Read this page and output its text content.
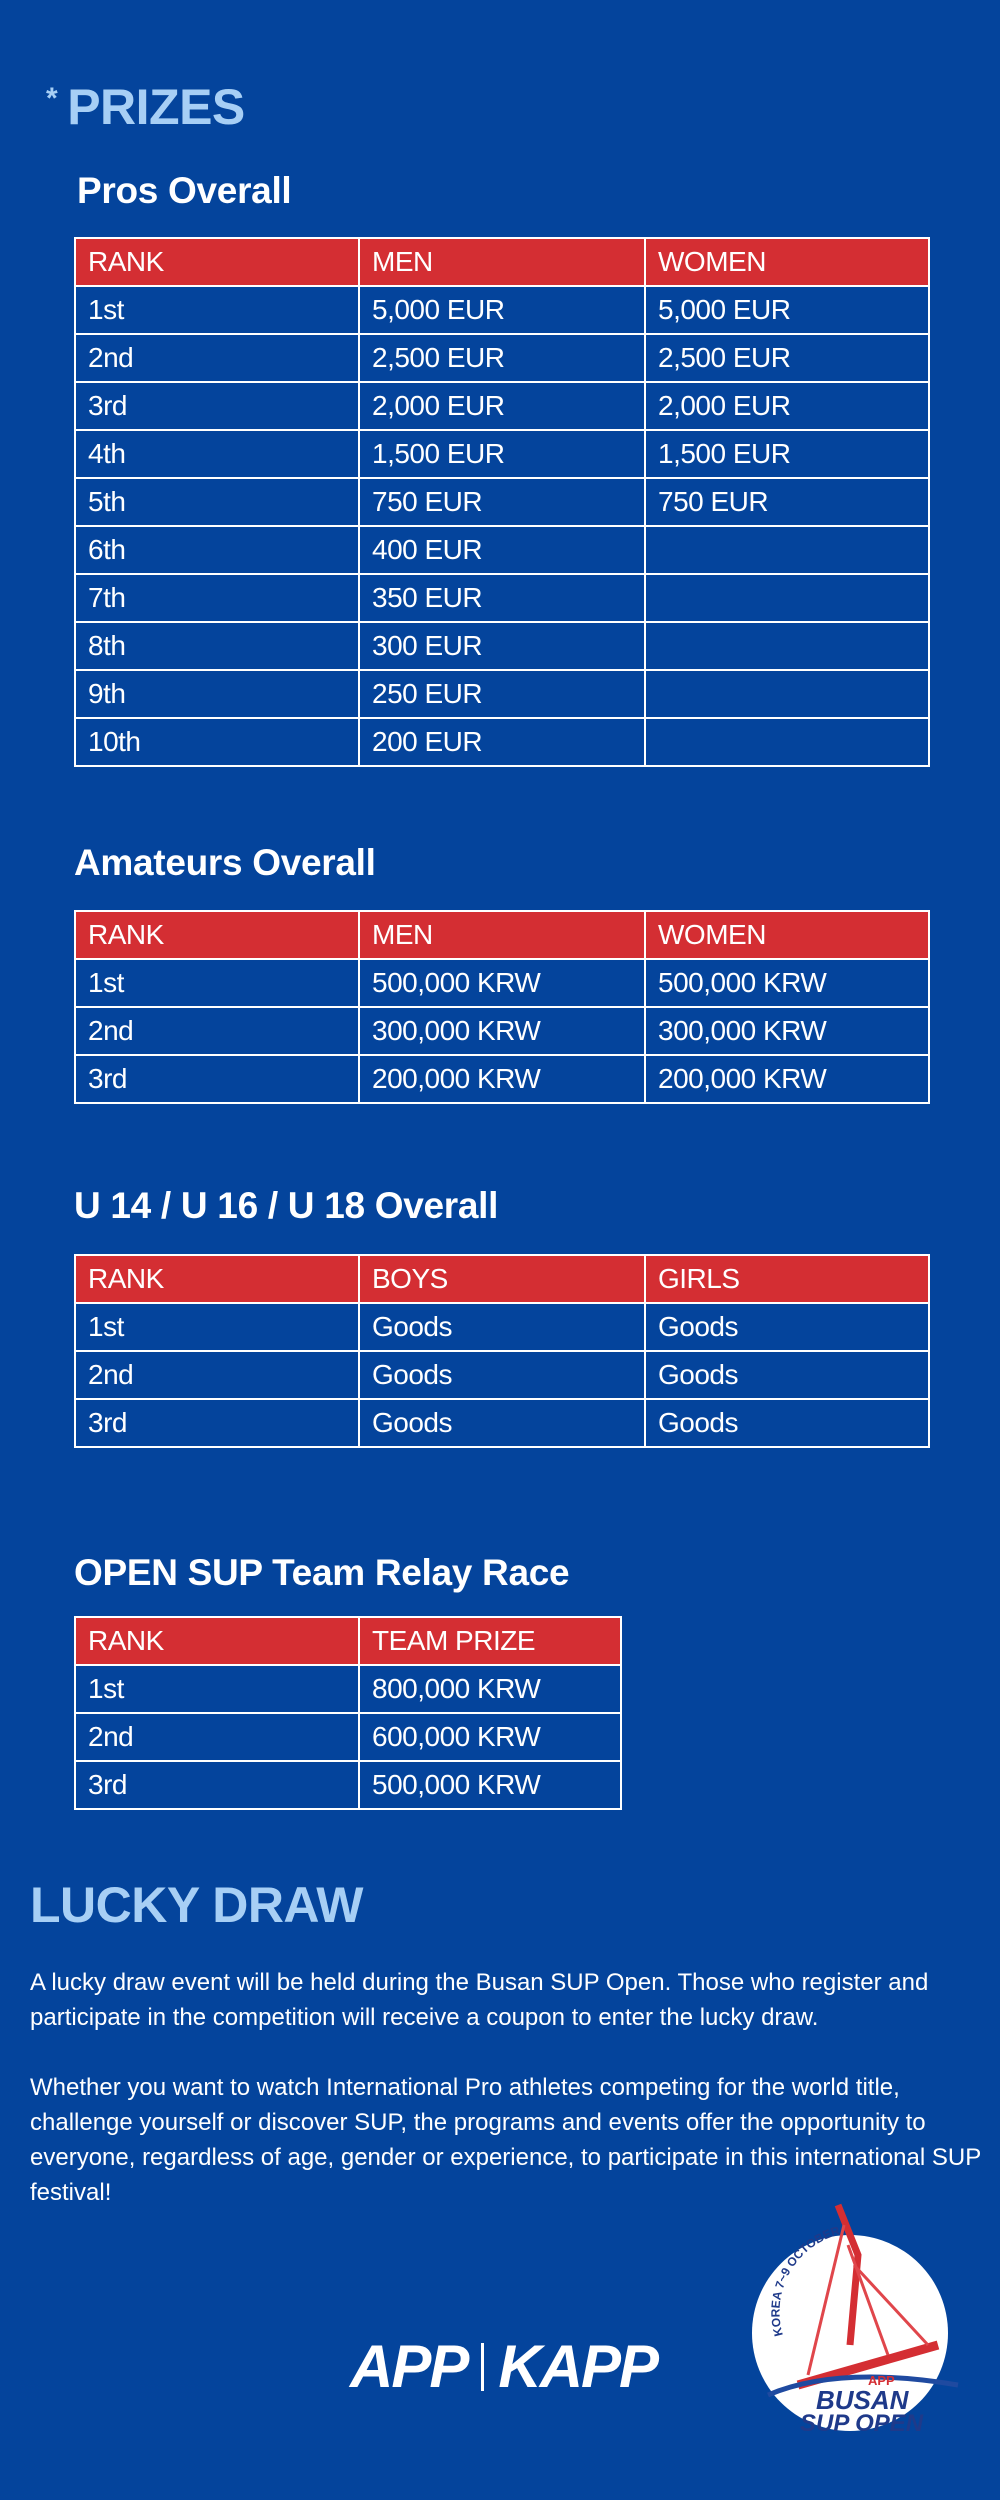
* PRIZES
Pros Overall
RANK	MEN	WOMEN
1st	5,000 EUR	5,000 EUR
2nd	2,500 EUR	2,500 EUR
3rd	2,000 EUR	2,000 EUR
4th	1,500 EUR	1,500 EUR
5th	750 EUR	750 EUR
6th	400 EUR	
7th	350 EUR	
8th	300 EUR	
9th	250 EUR	
10th	200 EUR	
Amateurs Overall
RANK	MEN	WOMEN
1st	500,000 KRW	500,000 KRW
2nd	300,000 KRW	300,000 KRW
3rd	200,000 KRW	200,000 KRW
U 14 / U 16 / U 18 Overall
RANK	BOYS	GIRLS
1st	Goods	Goods
2nd	Goods	Goods
3rd	Goods	Goods
OPEN SUP Team Relay Race
RANK	TEAM PRIZE
1st	800,000 KRW
2nd	600,000 KRW
3rd	500,000 KRW
LUCKY DRAW
A lucky draw event will be held during the Busan SUP Open. Those who register and participate in the competition will receive a coupon to enter the lucky draw.
Whether you want to watch International Pro athletes competing for the world title, challenge yourself or discover SUP, the programs and events offer the opportunity to everyone, regardless of age, gender or experience, to participate in this international SUP festival!
APP KAPP
KOREA 7~9 OCTOBER
APP
BUSAN
SUP OPEN
